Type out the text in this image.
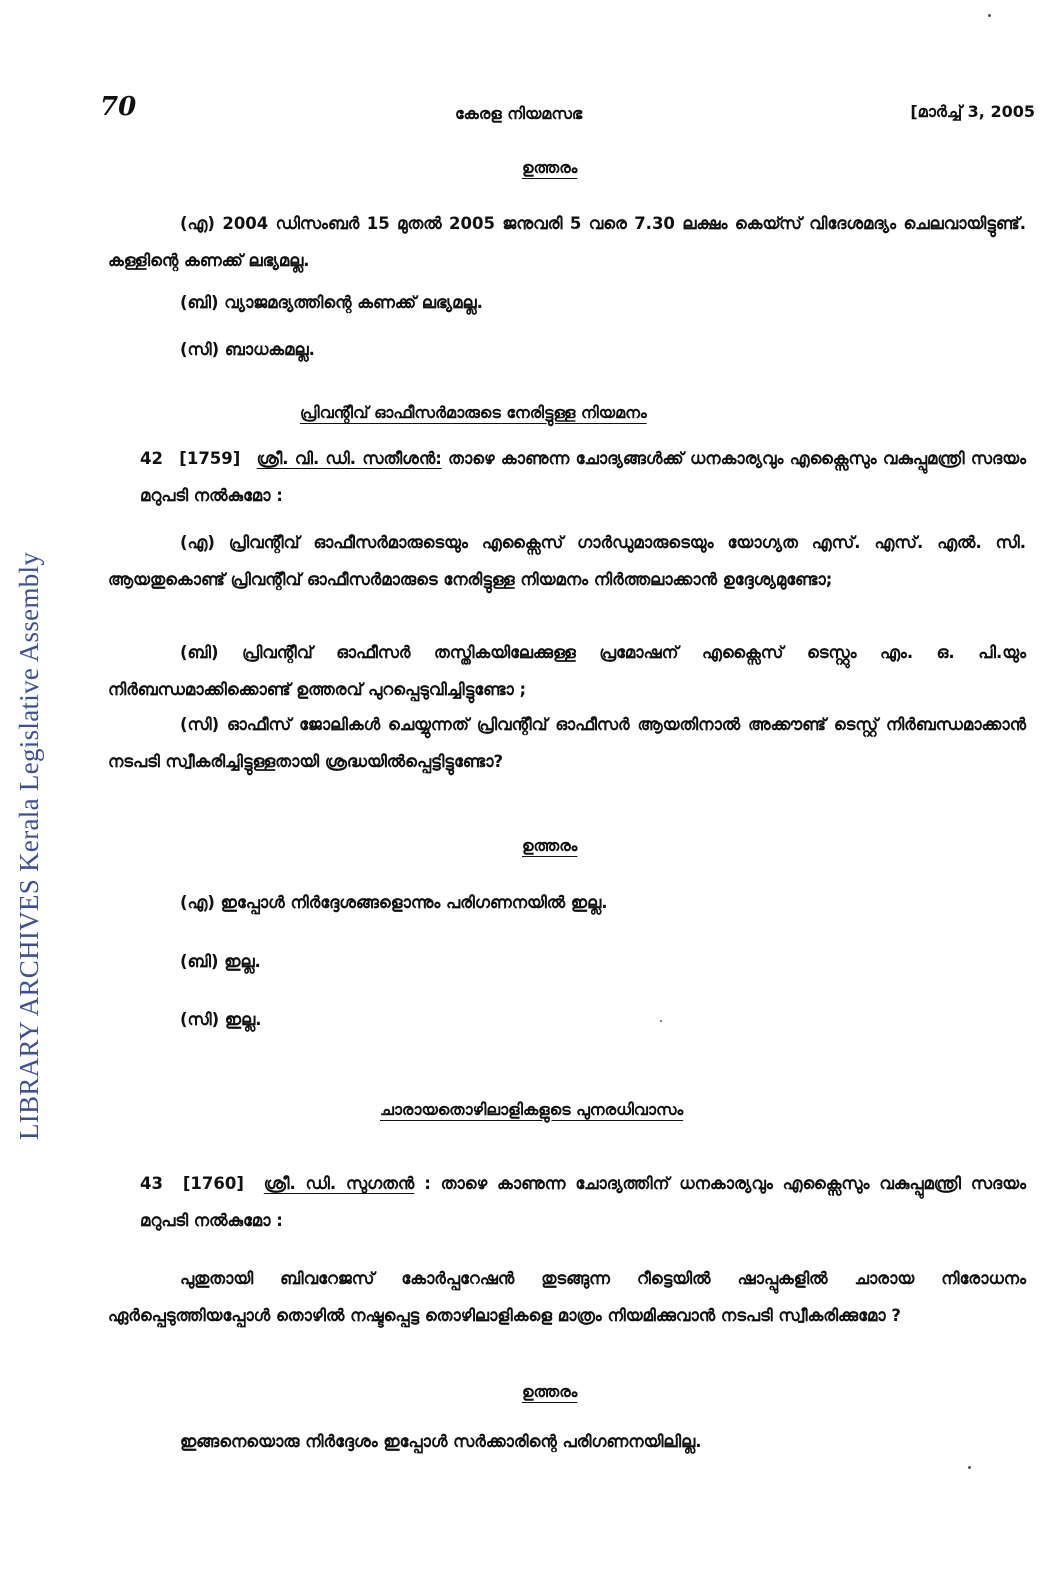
LIBRARY ARCHIVES Kerala Legislative Assembly
70	കേരള നിയമസഭ	[മാർച്ച് 3, 2005
ഉത്തരം

(എ) 2004 ഡിസംബർ 15 മുതൽ 2005 ജനുവരി 5 വരെ 7.30 ലക്ഷം കെയ്സ് വിദേശമദ്യം ചെലവായിട്ടുണ്ട്. കള്ളിന്റെ കണക്ക് ലഭ്യമല്ല.

(ബി) വ്യാജമദ്യത്തിന്റെ കണക്ക് ലഭ്യമല്ല.
(സി) ബാധകമല്ല.
പ്രിവന്റീവ് ഓഫീസർമാരുടെ നേരിട്ടുള്ള നിയമനം

42 [1759] ശ്രീ. വി. ഡി. സതീശൻ: താഴെ കാണുന്ന ചോദ്യങ്ങൾക്ക് ധനകാര്യവും എക്സൈസും വകുപ്പുമന്ത്രി സദയം മറുപടി നൽകുമോ :

(എ) പ്രിവന്റീവ് ഓഫീസർമാരുടെയും എക്സൈസ് ഗാർഡുമാരുടെയും യോഗ്യത എസ്. എസ്. എൽ. സി. ആയതുകൊണ്ട് പ്രിവന്റീവ് ഓഫീസർമാരുടെ നേരിട്ടുള്ള നിയമനം നിർത്തലാക്കാൻ ഉദ്ദേശ്യമുണ്ടോ;

(ബി) പ്രിവന്റീവ് ഓഫീസർ തസ്തികയിലേക്കുള്ള പ്രമോഷന് എക്സൈസ് ടെസ്റ്റും എം. ഒ. പി.യും നിർബന്ധമാക്കിക്കൊണ്ട് ഉത്തരവ് പുറപ്പെടുവിച്ചിട്ടുണ്ടോ ;

(സി) ഓഫീസ് ജോലികൾ ചെയ്യുന്നത് പ്രിവന്റീവ് ഓഫീസർ ആയതിനാൽ അക്കൗണ്ട് ടെസ്റ്റ് നിർബന്ധമാക്കാൻ നടപടി സ്വീകരിച്ചിട്ടുള്ളതായി ശ്രദ്ധയിൽപ്പെട്ടിട്ടുണ്ടോ?

ഉത്തരം
(എ) ഇപ്പോൾ നിർദ്ദേശങ്ങളൊന്നും പരിഗണനയിൽ ഇല്ല.
(ബി) ഇല്ല.
(സി) ഇല്ല.
ചാരായതൊഴിലാളികളുടെ പുനരധിവാസം

43 [1760] ശ്രീ. ഡി. സുഗതൻ : താഴെ കാണുന്ന ചോദ്യത്തിന് ധനകാര്യവും എക്സൈസും വകുപ്പുമന്ത്രി സദയം മറുപടി നൽകുമോ :

പുതുതായി ബിവറേജസ് കോർപ്പറേഷൻ തുടങ്ങുന്ന റീട്ടെയിൽ ഷാപ്പുകളിൽ ചാരായ നിരോധനം ഏർപ്പെടുത്തിയപ്പോൾ തൊഴിൽ നഷ്ടപ്പെട്ട തൊഴിലാളികളെ മാത്രം നിയമിക്കുവാൻ നടപടി സ്വീകരിക്കുമോ ?

ഉത്തരം
ഇങ്ങനെയൊരു നിർദ്ദേശം ഇപ്പോൾ സർക്കാരിന്റെ പരിഗണനയിലില്ല.
